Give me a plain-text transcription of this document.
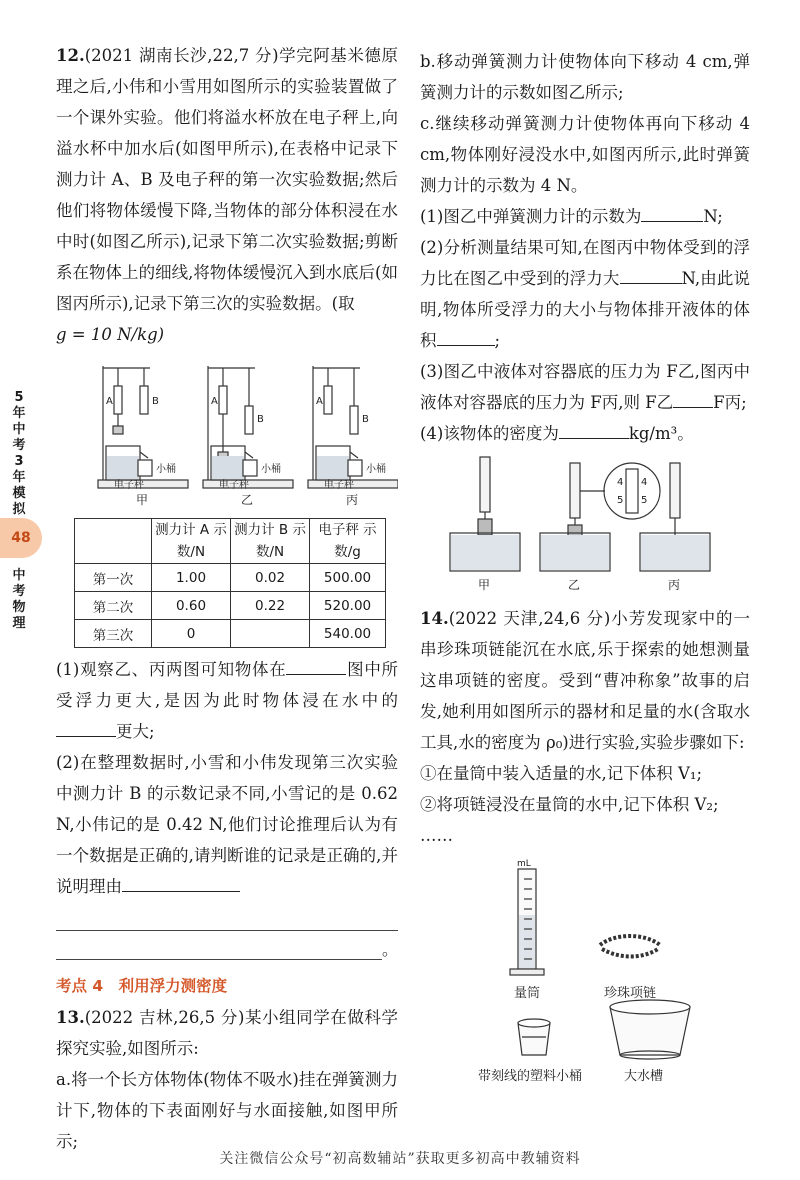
5年中考3年模拟
48
中考物理

12.(2021 湖南长沙,22,7 分)学完阿基米德原理之后,小伟和小雪用如图所示的实验装置做了一个课外实验。他们将溢水杯放在电子秤上,向溢水杯中加水后(如图甲所示),在表格中记录下测力计 A、B 及电子秤的第一次实验数据;然后他们将物体缓慢下降,当物体的部分体积浸在水中时(如图乙所示),记录下第二次实验数据;剪断系在物体上的细线,将物体缓慢沉入到水底后(如图丙所示),记录下第三次的实验数据。(取
g = 10 N/kg)

A	B
小桶
电子秤
A
B
小桶
电子秤
A
B
小桶
电子秤
甲	乙	丙
	测力计 A 示数/N	测力计 B 示数/N	电子秤 示数/g
第一次	1.00	0.02	500.00
第二次	0.60	0.22	520.00
第三次	0		540.00

(1)观察乙、丙两图可知物体在	图中所受浮力更大,是因为此时物体浸在水中的更大;

(2)在整理数据时,小雪和小伟发现第三次实验中测力计 B 的示数记录不同,小雪记的是 0.62 N,小伟记的是 0.42 N,他们讨论推理后认为有一个数据是正确的,请判断谁的记录是正确的,并说明理由

。
考点 4　利用浮力测密度

13.(2022 吉林,26,5 分)某小组同学在做科学探究实验,如图所示:

a.将一个长方体物体(物体不吸水)挂在弹簧测力计下,物体的下表面刚好与水面接触,如图甲所示;

b.移动弹簧测力计使物体向下移动 4 cm,弹簧测力计的示数如图乙所示;

c.继续移动弹簧测力计使物体再向下移动 4 cm,物体刚好浸没水中,如图丙所示,此时弹簧测力计的示数为 4 N。

(1)图乙中弹簧测力计的示数为	N;

(2)分析测量结果可知,在图丙中物体受到的浮力比在图乙中受到的浮力大	N,由此说明,物体所受浮力的大小与物体排开液体的体积	;

(3)图乙中液体对容器底的压力为 F乙,图丙中液体对容器底的压力为 F丙,则 F乙 F丙;

(4)该物体的密度为	kg/m³。

4
5
4
5
甲	乙	丙

14.(2022 天津,24,6 分)小芳发现家中的一串珍珠项链能沉在水底,乐于探索的她想测量这串项链的密度。受到“曹冲称象”故事的启发,她利用如图所示的器材和足量的水(含取水工具,水的密度为 ρ₀)进行实验,实验步骤如下:

①在量筒中装入适量的水,记下体积 V₁;

②将项链浸没在量筒的水中,记下体积 V₂;

……

mL
量筒	珍珠项链
带刻线的塑料小桶	大水槽
关注微信公众号“初高数辅站”获取更多初高中教辅资料
